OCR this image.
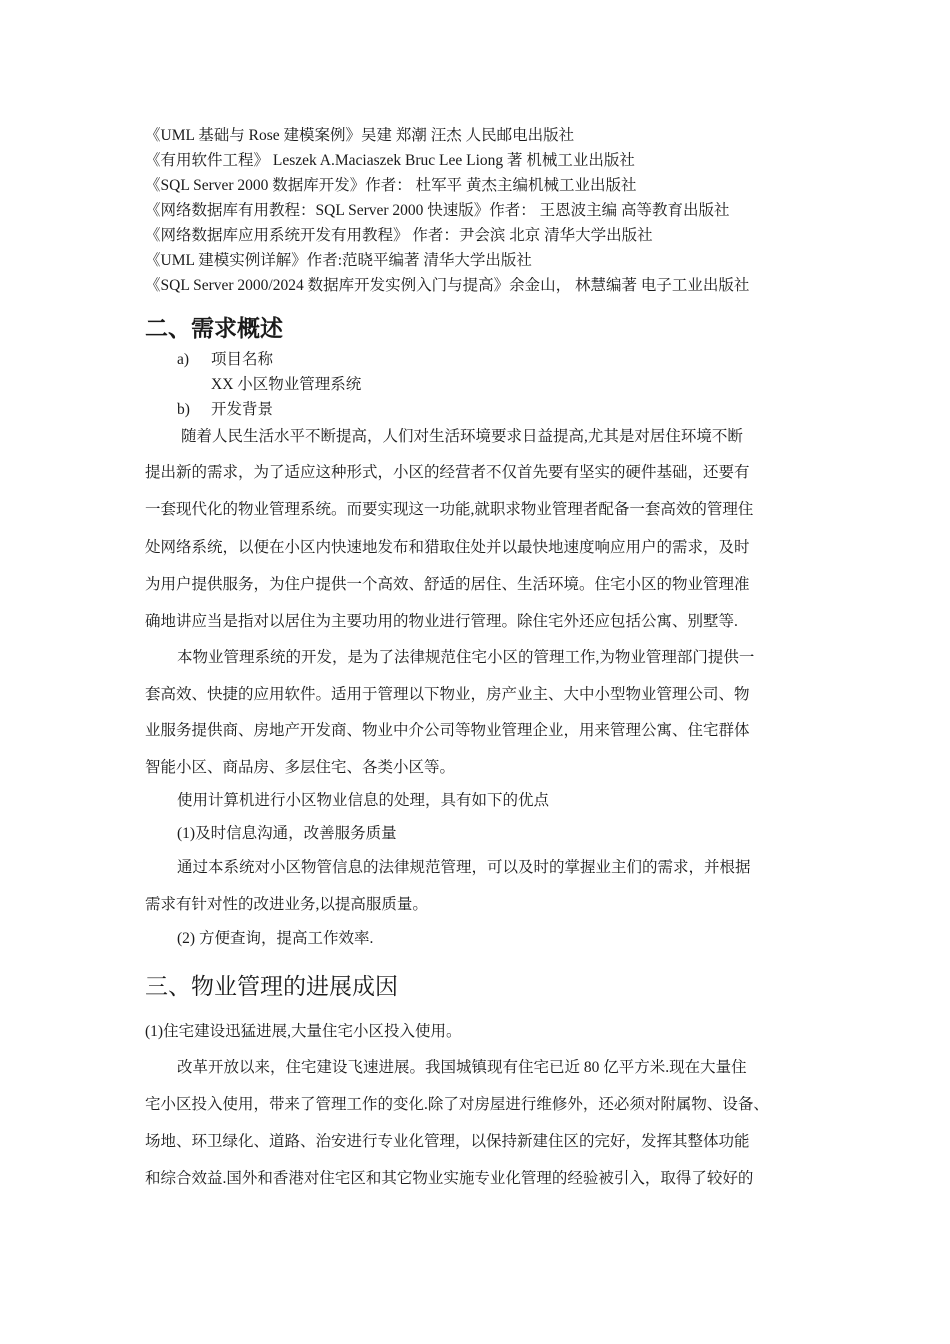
《UML 基础与 Rose 建模案例》吴建 郑潮 汪杰 人民邮电出版社
《有用软件工程》 Leszek A.Maciaszek Bruc Lee Liong 著 机械工业出版社
《SQL Server 2000 数据库开发》作者： 杜军平 黄杰主编机械工业出版社
《网络数据库有用教程：SQL Server 2000 快速版》作者： 王恩波主编 高等教育出版社
《网络数据库应用系统开发有用教程》 作者：尹会滨 北京 清华大学出版社
《UML 建模实例详解》作者:范晓平编著 清华大学出版社
《SQL Server 2000/2024 数据库开发实例入门与提高》余金山， 林慧编著 电子工业出版社
二、需求概述
a) 项目名称
XX 小区物业管理系统
b) 开发背景
随着人民生活水平不断提高，人们对生活环境要求日益提高,尤其是对居住环境不断
提出新的需求，为了适应这种形式，小区的经营者不仅首先要有坚实的硬件基础，还要有
一套现代化的物业管理系统。而要实现这一功能,就职求物业管理者配备一套高效的管理住
处网络系统，以便在小区内快速地发布和猎取住处并以最快地速度响应用户的需求，及时
为用户提供服务，为住户提供一个高效、舒适的居住、生活环境。住宅小区的物业管理准
确地讲应当是指对以居住为主要功用的物业进行管理。除住宅外还应包括公寓、别墅等.
本物业管理系统的开发，是为了法律规范住宅小区的管理工作,为物业管理部门提供一
套高效、快捷的应用软件。适用于管理以下物业，房产业主、大中小型物业管理公司、物
业服务提供商、房地产开发商、物业中介公司等物业管理企业，用来管理公寓、住宅群体
智能小区、商品房、多层住宅、各类小区等。
使用计算机进行小区物业信息的处理，具有如下的优点
(1)及时信息沟通，改善服务质量
通过本系统对小区物管信息的法律规范管理，可以及时的掌握业主们的需求，并根据
需求有针对性的改进业务,以提高服质量。
(2) 方便查询，提高工作效率.
三、物业管理的进展成因
(1)住宅建设迅猛进展,大量住宅小区投入使用。
改革开放以来，住宅建设飞速进展。我国城镇现有住宅已近 80 亿平方米.现在大量住
宅小区投入使用，带来了管理工作的变化.除了对房屋进行维修外，还必须对附属物、设备、
场地、环卫绿化、道路、治安进行专业化管理，以保持新建住区的完好，发挥其整体功能
和综合效益.国外和香港对住宅区和其它物业实施专业化管理的经验被引入，取得了较好的
